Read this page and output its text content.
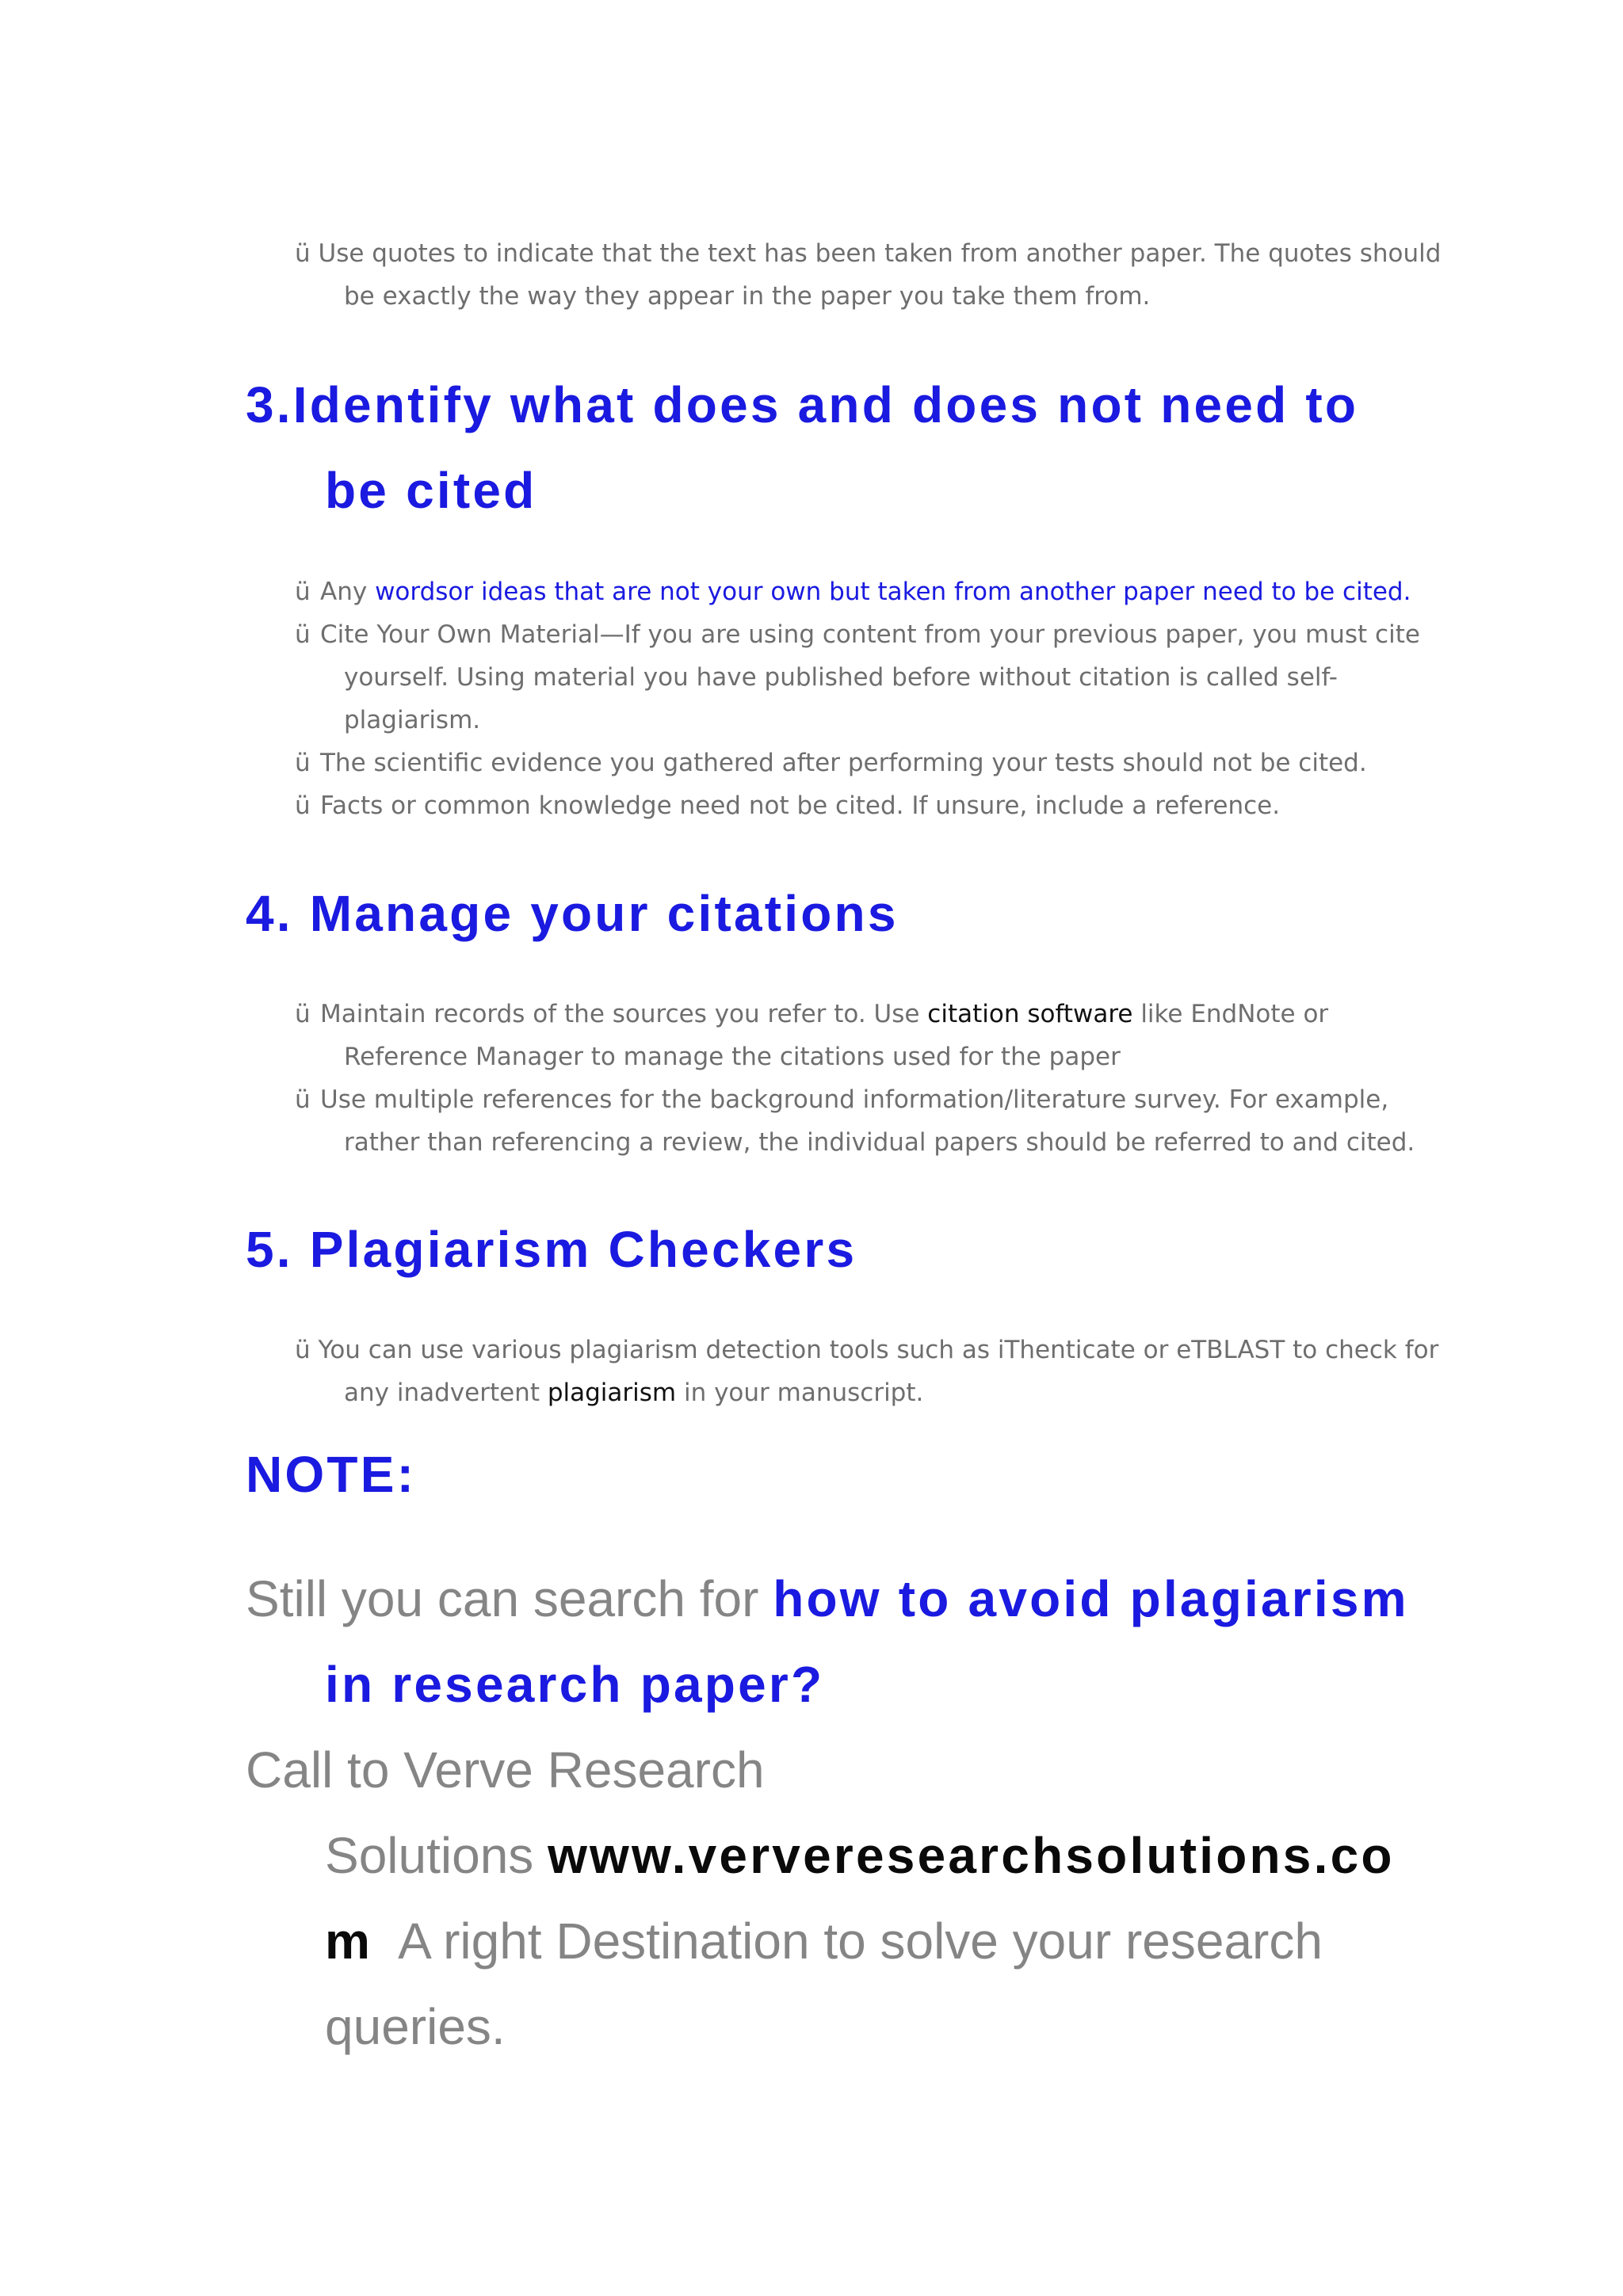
ü Use quotes to indicate that the text has been taken from another paper. The quotes should
be exactly the way they appear in the paper you take them from.
3.Identify what does and does not need to
be cited
ü Any wordsor ideas that are not your own but taken from another paper need to be cited.
ü Cite Your Own Material—If you are using content from your previous paper, you must cite
yourself. Using material you have published before without citation is called self-
plagiarism.
ü The scientific evidence you gathered after performing your tests should not be cited.
ü Facts or common knowledge need not be cited. If unsure, include a reference.
4. Manage your citations
ü Maintain records of the sources you refer to. Use citation software like EndNote or
Reference Manager to manage the citations used for the paper
ü Use multiple references for the background information/literature survey. For example,
rather than referencing a review, the individual papers should be referred to and cited.
5. Plagiarism Checkers
ü You can use various plagiarism detection tools such as iThenticate or eTBLAST to check for
any inadvertent plagiarism in your manuscript.
NOTE:
Still you can search for how to avoid plagiarism
in research paper?
Call to Verve Research
Solutions www.ververesearchsolutions.co
m  A right Destination to solve your research
queries.
